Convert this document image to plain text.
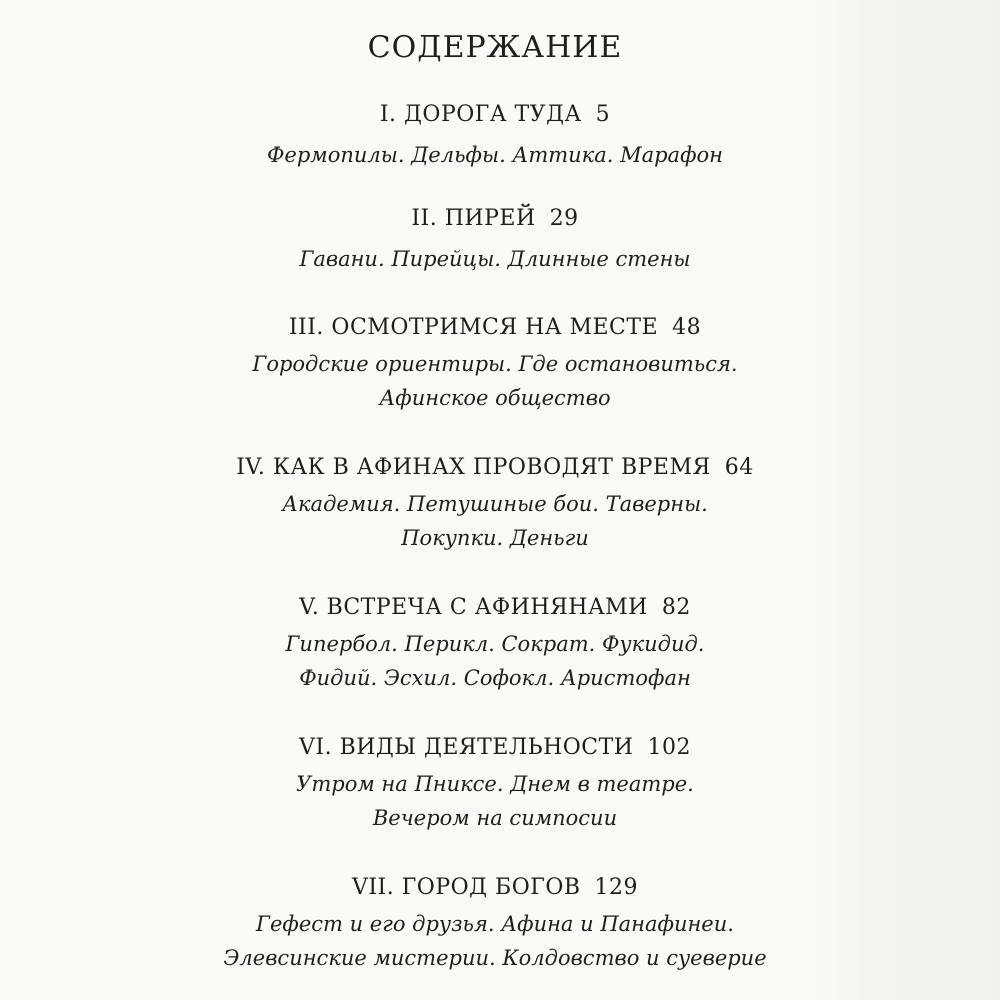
СОДЕРЖАНИЕ
I. ДОРОГА ТУДА 5
Фермопилы. Дельфы. Аттика. Марафон
II. ПИРЕЙ 29
Гавани. Пирейцы. Длинные стены
III. ОСМОТРИМСЯ НА МЕСТЕ 48
Городские ориентиры. Где остановиться.
Афинское общество
IV. КАК В АФИНАХ ПРОВОДЯТ ВРЕМЯ 64
Академия. Петушиные бои. Таверны.
Покупки. Деньги
V. ВСТРЕЧА С АФИНЯНАМИ 82
Гипербол. Перикл. Сократ. Фукидид.
Фидий. Эсхил. Софокл. Аристофан
VI. ВИДЫ ДЕЯТЕЛЬНОСТИ 102
Утром на Пниксе. Днем в театре.
Вечером на симпосии
VII. ГОРОД БОГОВ 129
Гефест и его друзья. Афина и Панафинеи.
Элевсинские мистерии. Колдовство и суеверие
